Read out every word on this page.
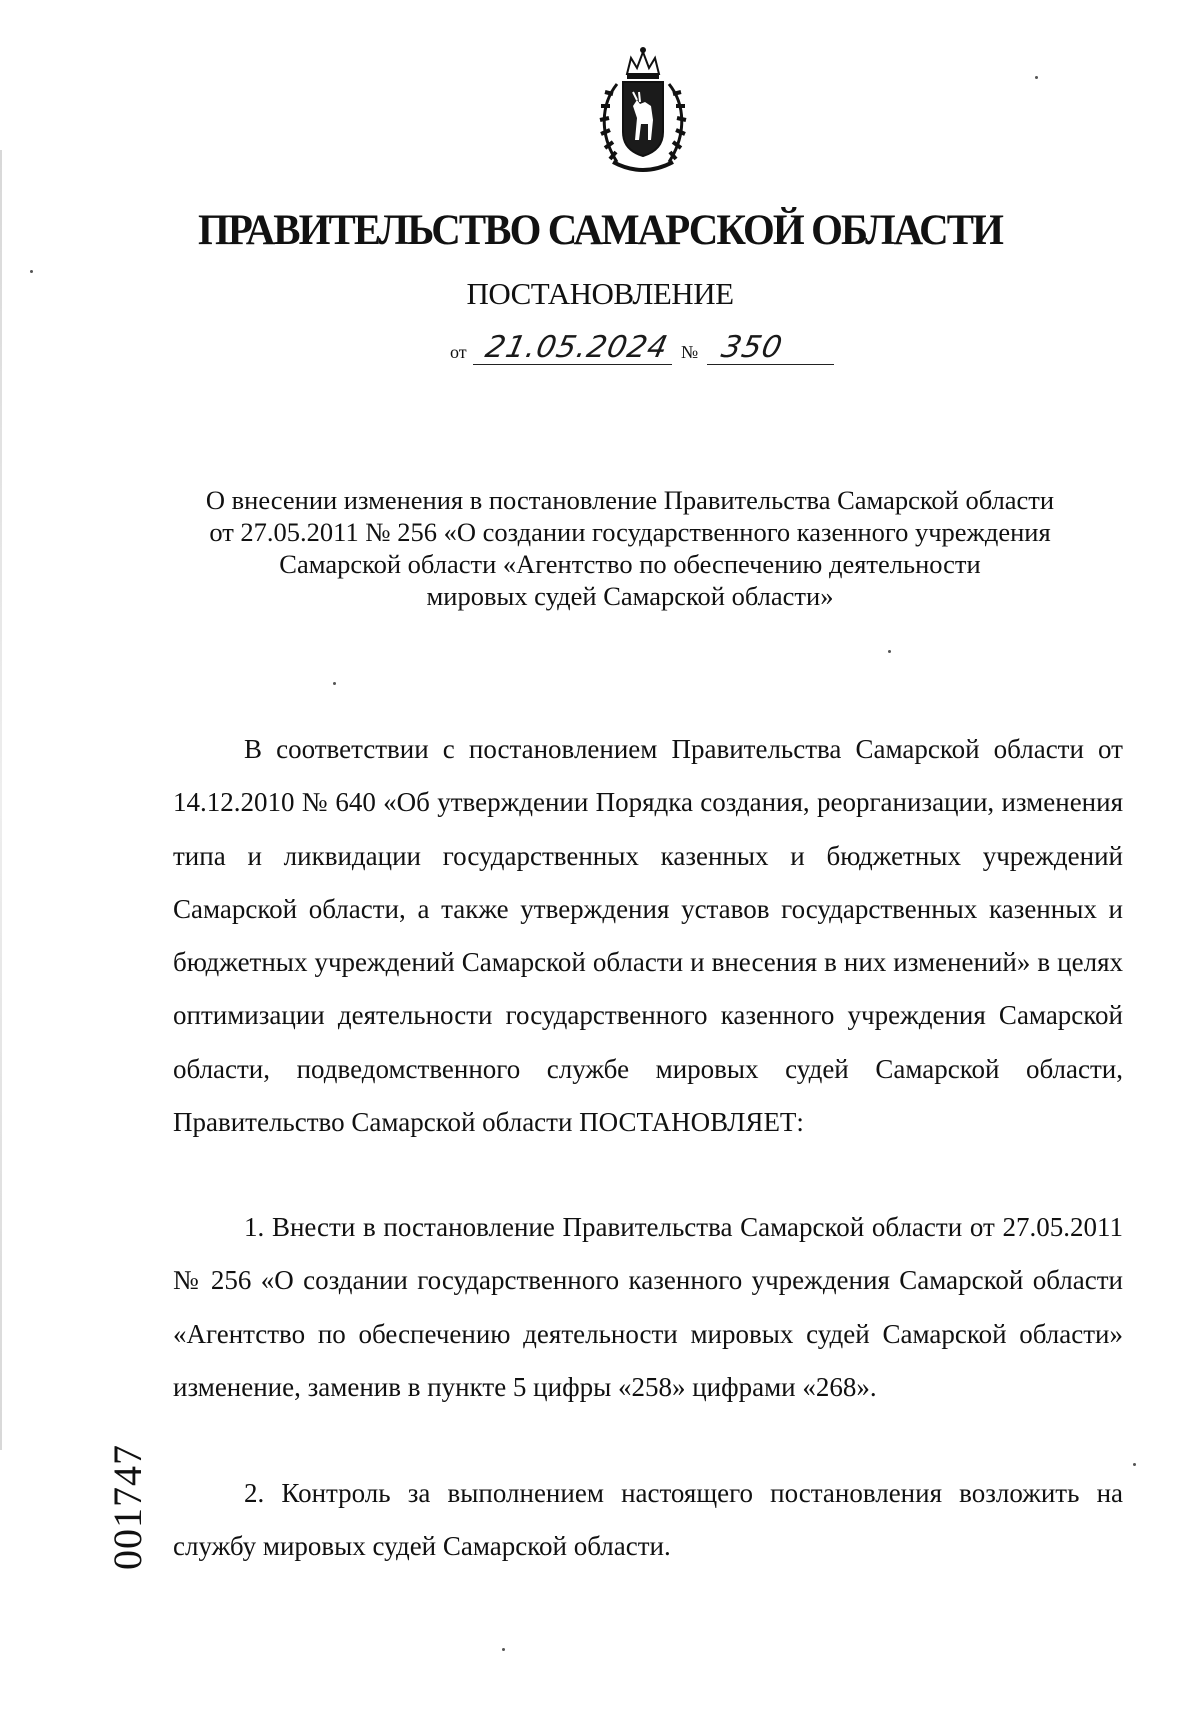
ПРАВИТЕЛЬСТВО САМАРСКОЙ ОБЛАСТИ
ПОСТАНОВЛЕНИЕ
от 21.05.2024 № 350
О внесении изменения в постановление Правительства Самарской области
от 27.05.2011 № 256 «О создании государственного казенного учреждения
Самарской области «Агентство по обеспечению деятельности
мировых судей Самарской области»
В соответствии с постановлением Правительства Самарской области от 14.12.2010 № 640 «Об утверждении Порядка создания, реорганизации, изменения типа и ликвидации государственных казенных и бюджетных учреждений Самарской области, а также утверждения уставов государственных казенных и бюджетных учреждений Самарской области и внесения в них изменений» в целях оптимизации деятельности государственного казенного учреждения Самарской области, подведомственного службе мировых судей Самарской области, Правительство Самарской области ПОСТАНОВЛЯЕТ:
1. Внести в постановление Правительства Самарской области от 27.05.2011 № 256 «О создании государственного казенного учреждения Самарской области «Агентство по обеспечению деятельности мировых судей Самарской области» изменение, заменив в пункте 5 цифры «258» цифрами «268».
2. Контроль за выполнением настоящего постановления возложить на службу мировых судей Самарской области.
001747
